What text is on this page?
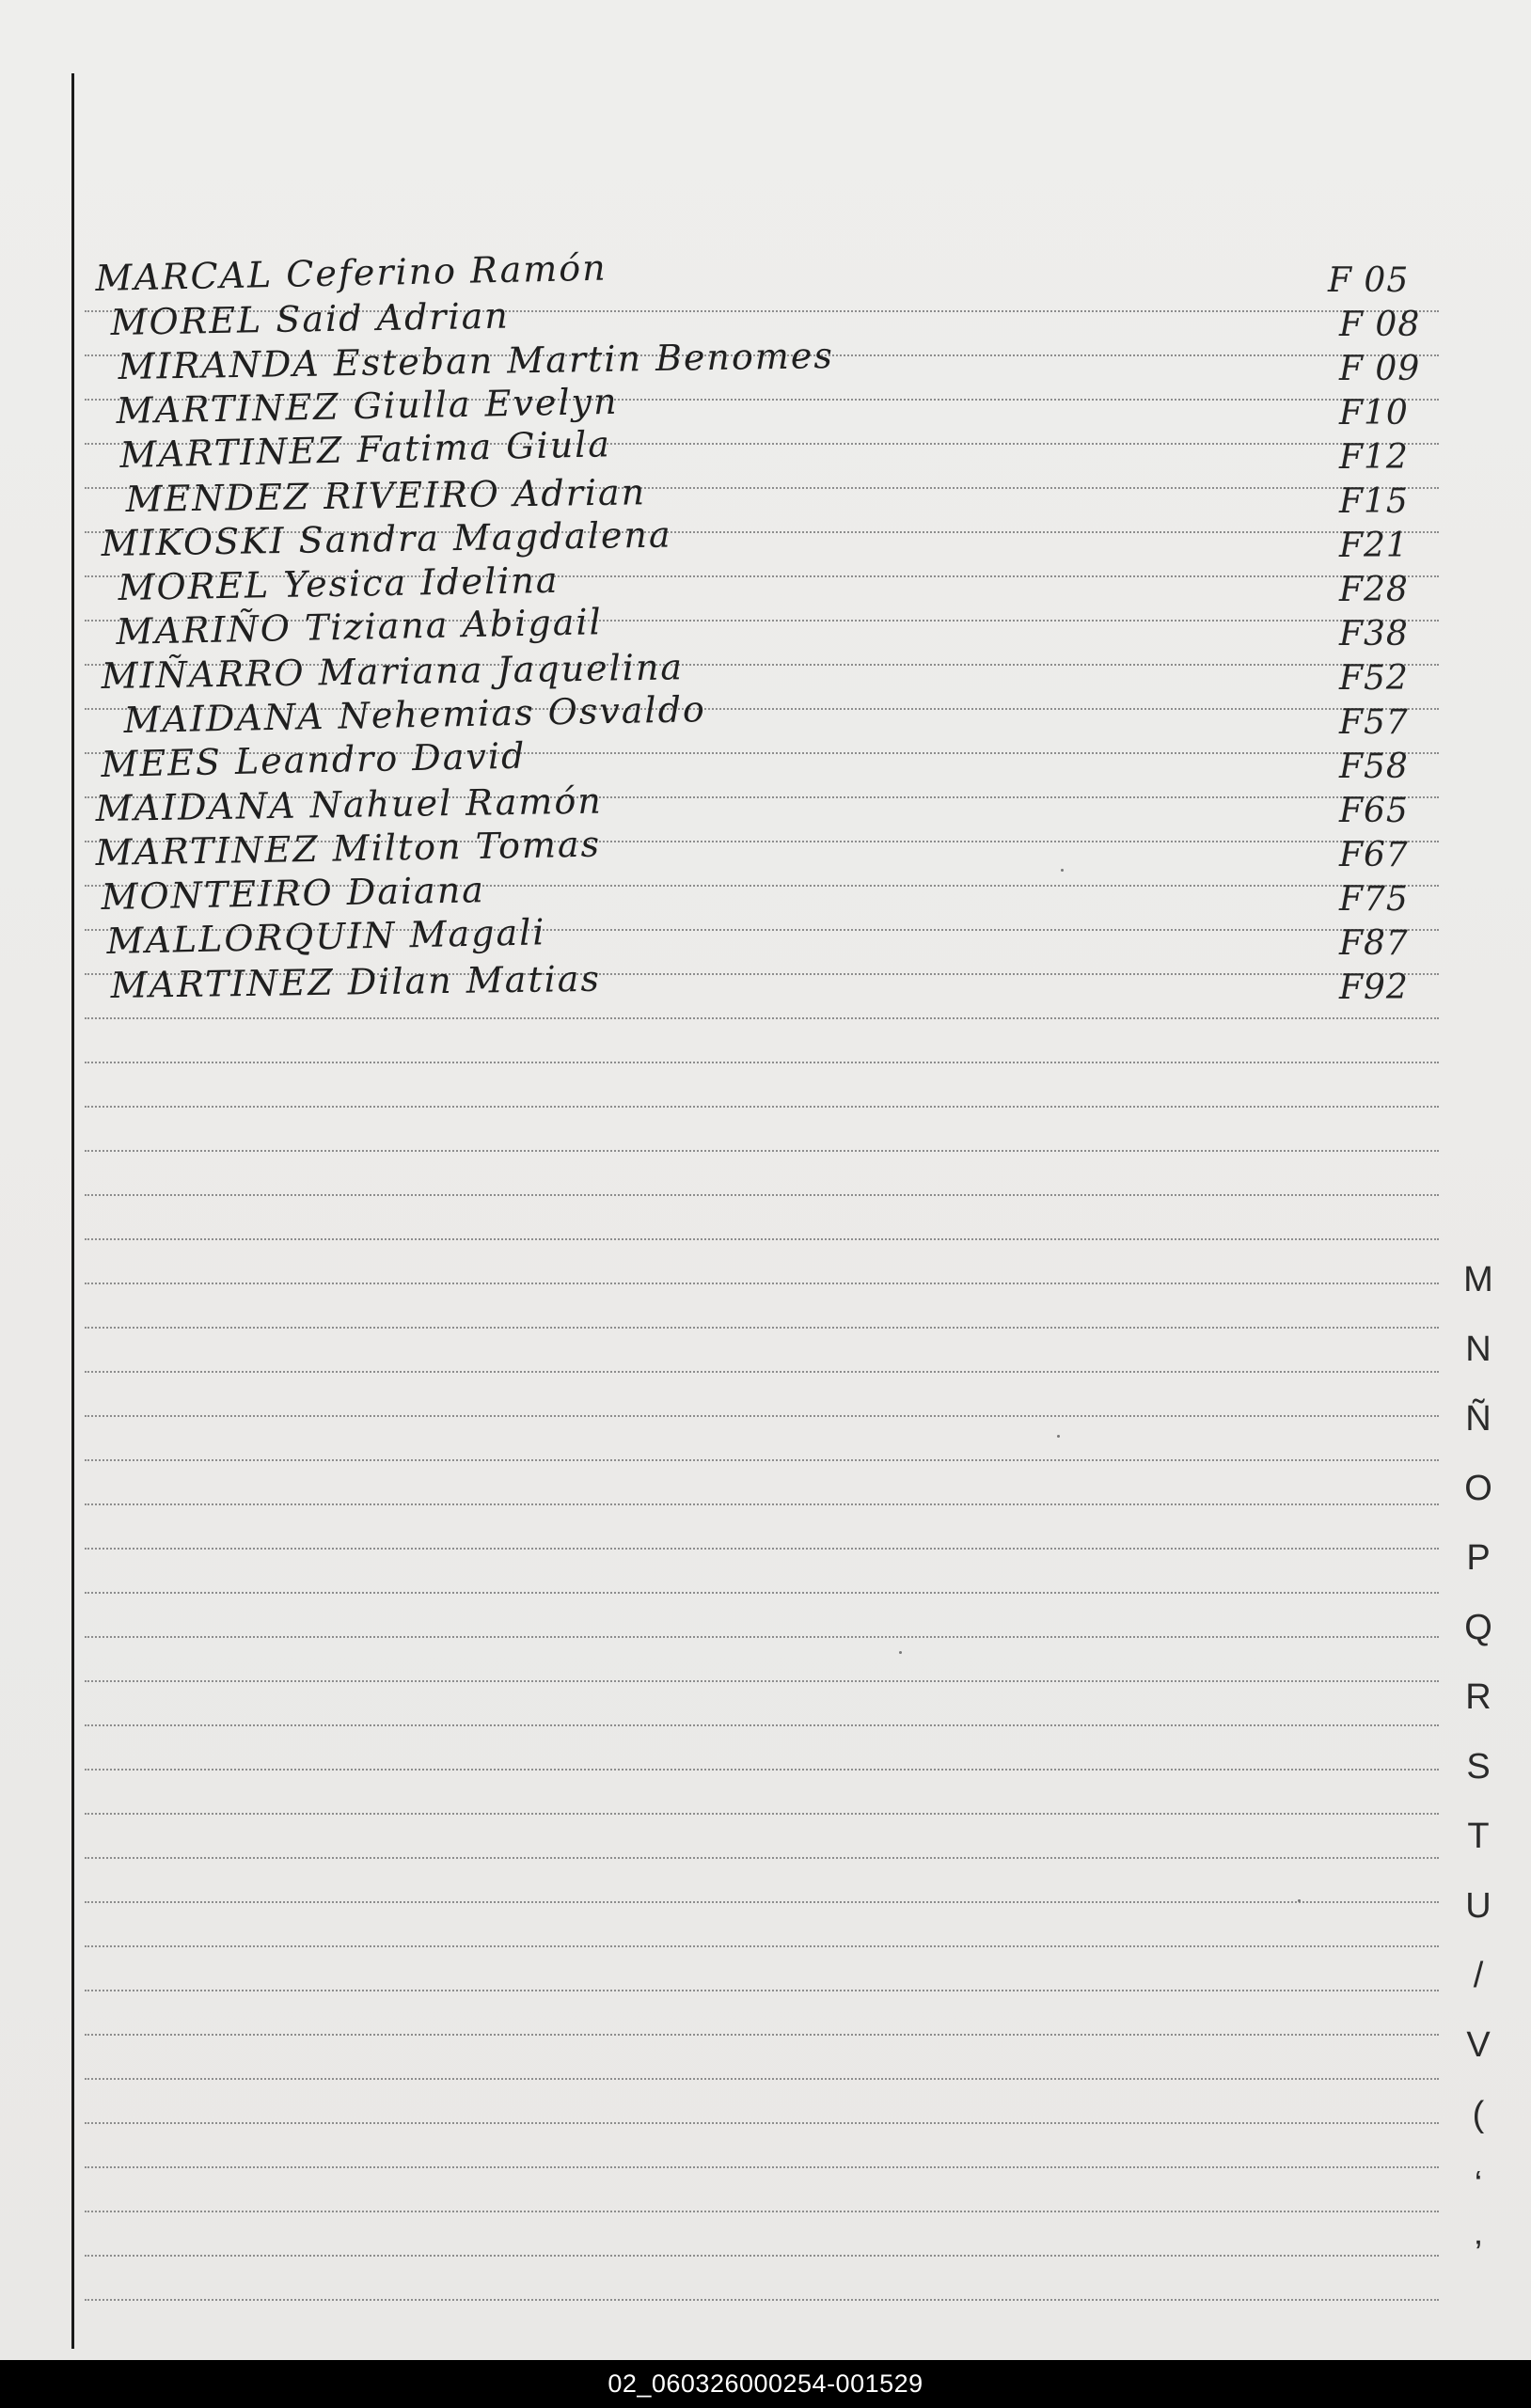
MARCAL Ceferino Ramón	F 05
MOREL Said Adrian	F 08
MIRANDA Esteban Martin Benomes	F 09
MARTINEZ Giulla Evelyn	F10
MARTINEZ Fatima Giula	F12
MENDEZ RIVEIRO Adrian	F15
MIKOSKI Sandra Magdalena	F21
MOREL Yesica Idelina	F28
MARIÑO Tiziana Abigail	F38
MIÑARRO Mariana Jaquelina	F52
MAIDANA Nehemias Osvaldo	F57
MEES Leandro David	F58
MAIDANA Nahuel Ramón	F65
MARTINEZ Milton Tomas	F67
MONTEIRO Daiana	F75
MALLORQUIN Magali	F87
MARTINEZ Dilan Matias	F92
M
N
Ñ
O
P
Q
R
S
T
U
/
V
(
‘
’
02_060326000254-001529
